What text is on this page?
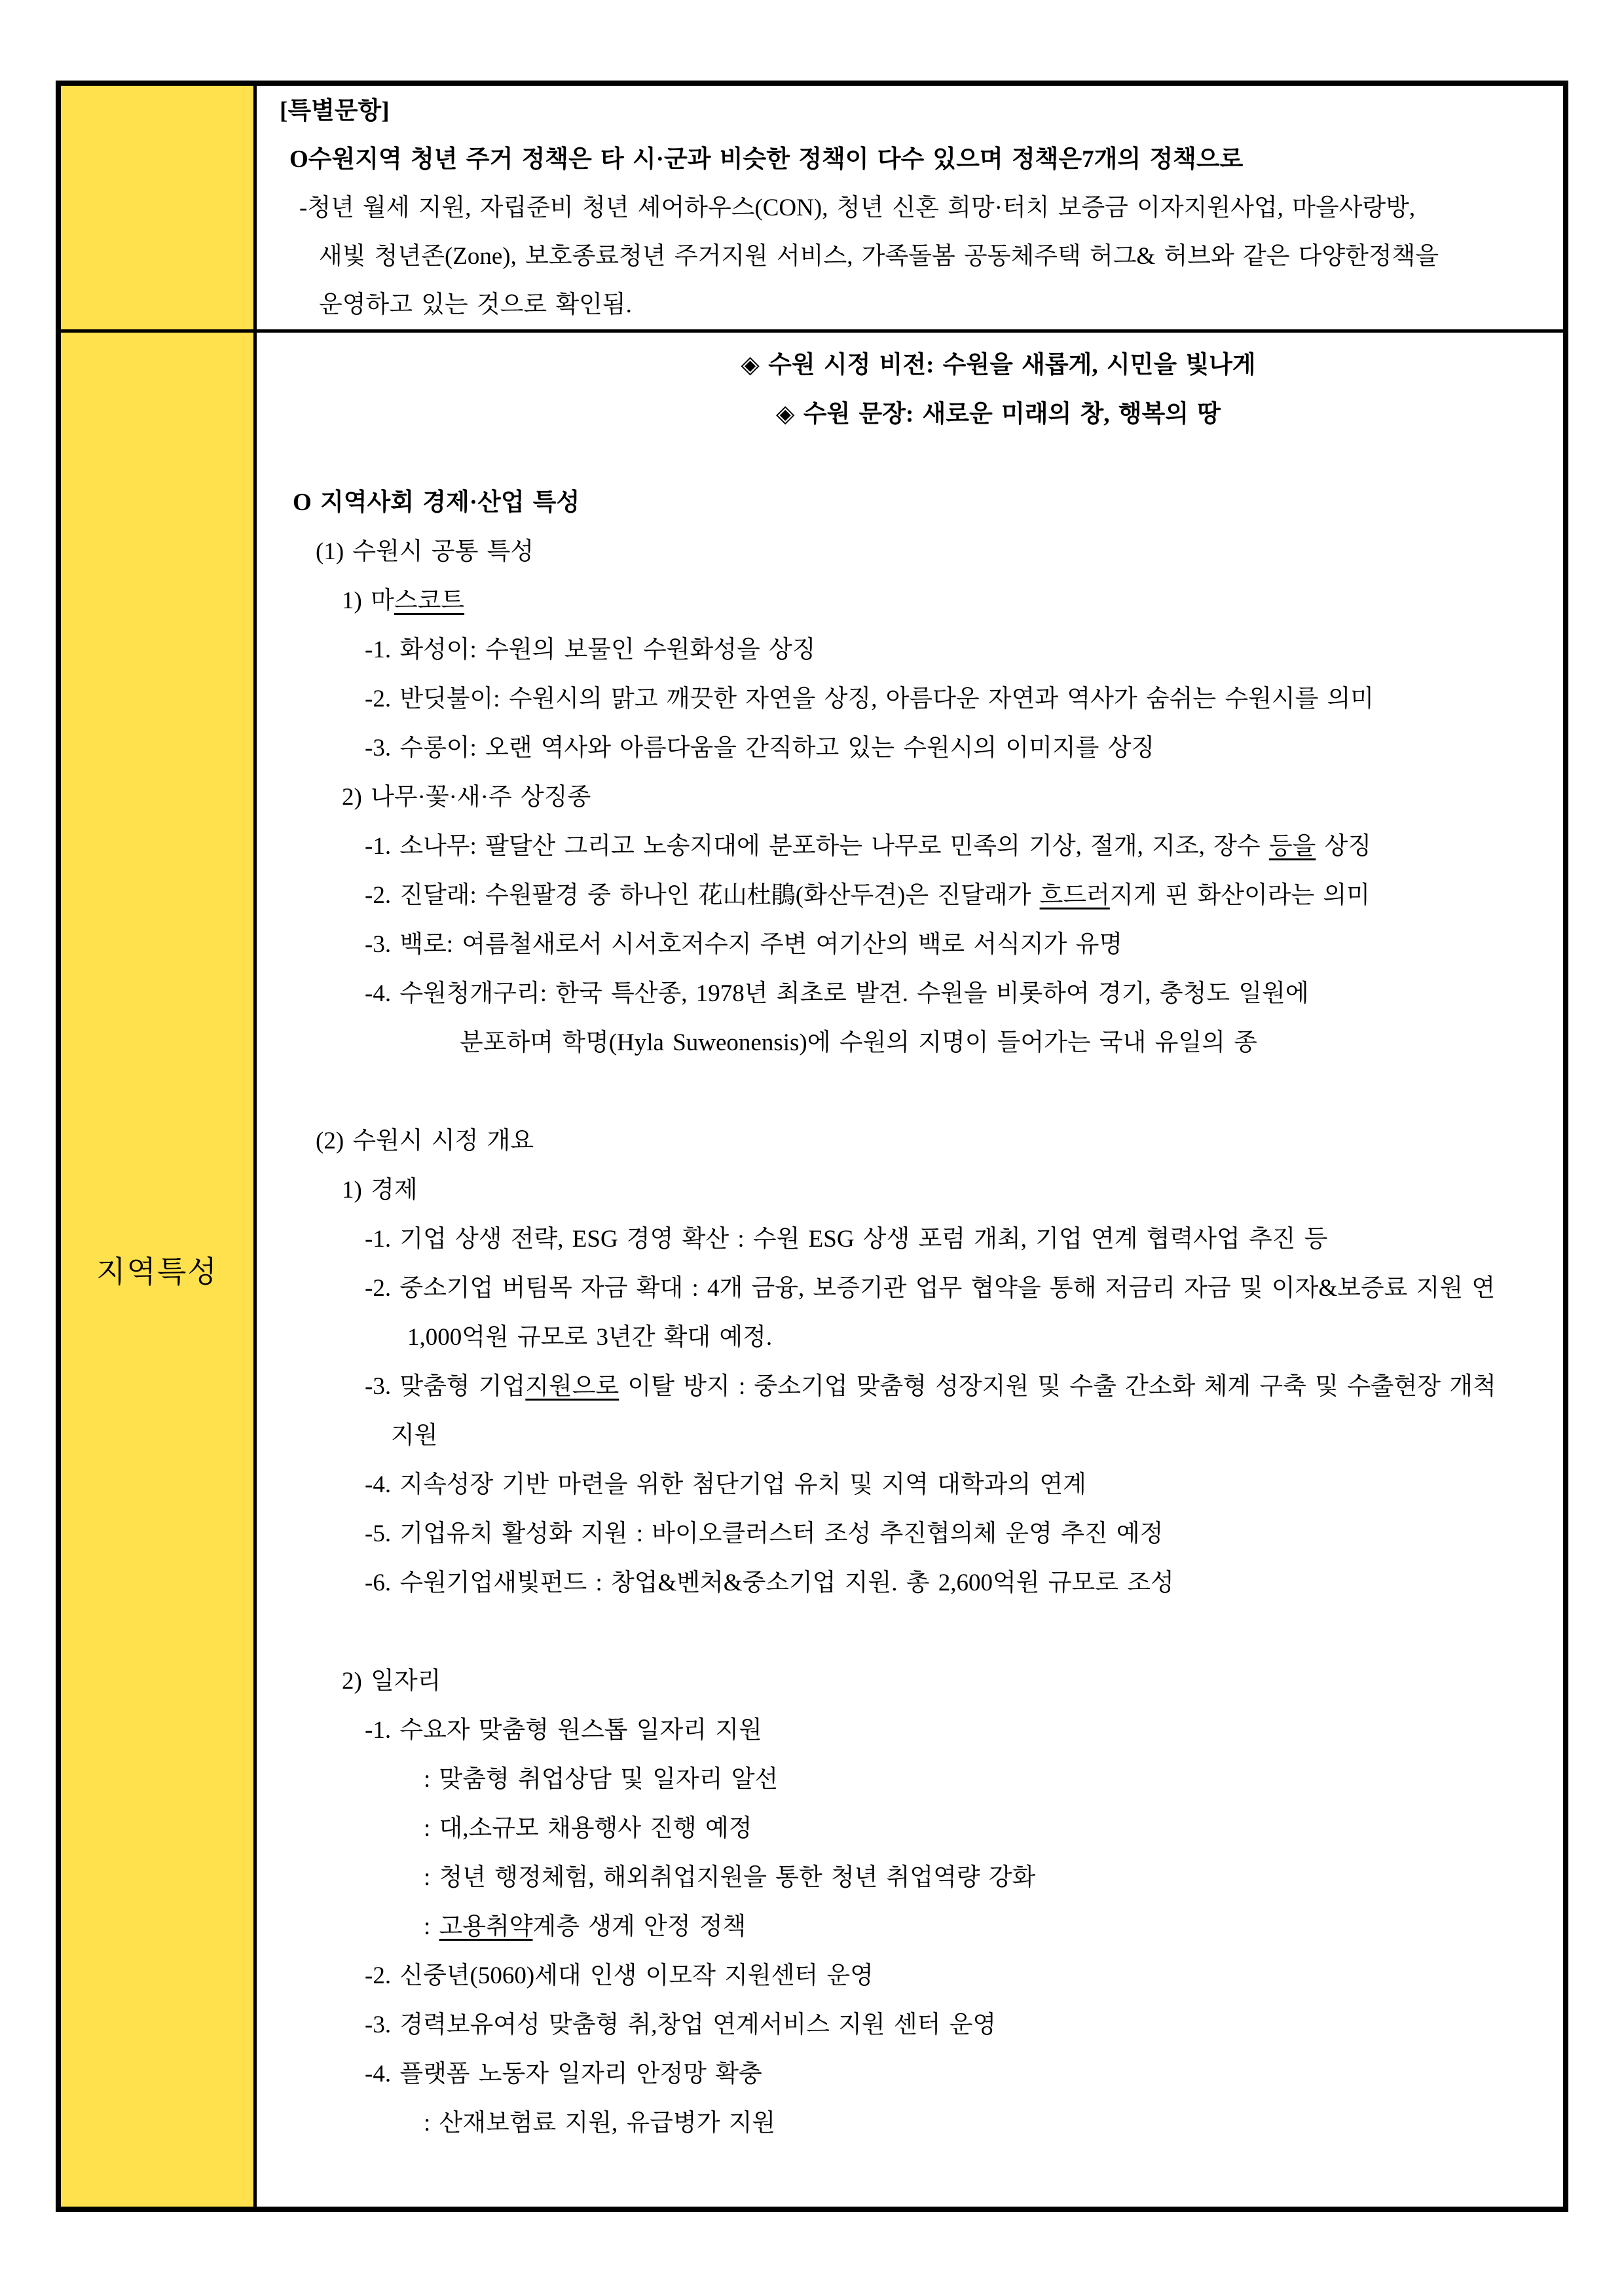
[특별문항]
O수원지역 청년 주거 정책은 타 시·군과 비슷한 정책이 다수 있으며 정책은7개의 정책으로
-청년 월세 지원, 자립준비 청년 셰어하우스(CON), 청년 신혼 희망·터치 보증금 이자지원사업, 마을사랑방,
새빛 청년존(Zone), 보호종료청년 주거지원 서비스, 가족돌봄 공동체주택 허그& 허브와 같은 다양한정책을
운영하고 있는 것으로 확인됨.
지역특성
◈ 수원 시정 비전: 수원을 새롭게, 시민을 빛나게
◈ 수원 문장: 새로운 미래의 창, 행복의 땅
O 지역사회 경제·산업 특성
(1) 수원시 공통 특성
1) 마스코트
-1. 화성이: 수원의 보물인 수원화성을 상징
-2. 반딧불이: 수원시의 맑고 깨끗한 자연을 상징, 아름다운 자연과 역사가 숨쉬는 수원시를 의미
-3. 수롱이: 오랜 역사와 아름다움을 간직하고 있는 수원시의 이미지를 상징
2) 나무·꽃·새·주 상징종
-1. 소나무: 팔달산 그리고 노송지대에 분포하는 나무로 민족의 기상, 절개, 지조, 장수 등을 상징
-2. 진달래: 수원팔경 중 하나인 花山杜鵑(화산두견)은 진달래가 흐드러지게 핀 화산이라는 의미
-3. 백로: 여름철새로서 시서호저수지 주변 여기산의 백로 서식지가 유명
-4. 수원청개구리: 한국 특산종, 1978년 최초로 발견. 수원을 비롯하여 경기, 충청도 일원에
분포하며 학명(Hyla Suweonensis)에 수원의 지명이 들어가는 국내 유일의 종
(2) 수원시 시정 개요
1) 경제
-1. 기업 상생 전략, ESG 경영 확산 : 수원 ESG 상생 포럼 개최, 기업 연계 협력사업 추진 등
-2. 중소기업 버팀목 자금 확대 : 4개 금융, 보증기관 업무 협약을 통해 저금리 자금 및 이자&보증료 지원 연
1,000억원 규모로 3년간 확대 예정.
-3. 맞춤형 기업지원으로 이탈 방지 : 중소기업 맞춤형 성장지원 및 수출 간소화 체계 구축 및 수출현장 개척
지원
-4. 지속성장 기반 마련을 위한 첨단기업 유치 및 지역 대학과의 연계
-5. 기업유치 활성화 지원 : 바이오클러스터 조성 추진협의체 운영 추진 예정
-6. 수원기업새빛펀드 : 창업&벤처&중소기업 지원. 총 2,600억원 규모로 조성
2) 일자리
-1. 수요자 맞춤형 원스톱 일자리 지원
: 맞춤형 취업상담 및 일자리 알선
: 대,소규모 채용행사 진행 예정
: 청년 행정체험, 해외취업지원을 통한 청년 취업역량 강화
: 고용취약계층 생계 안정 정책
-2. 신중년(5060)세대 인생 이모작 지원센터 운영
-3. 경력보유여성 맞춤형 취,창업 연계서비스 지원 센터 운영
-4. 플랫폼 노동자 일자리 안정망 확충
: 산재보험료 지원, 유급병가 지원
